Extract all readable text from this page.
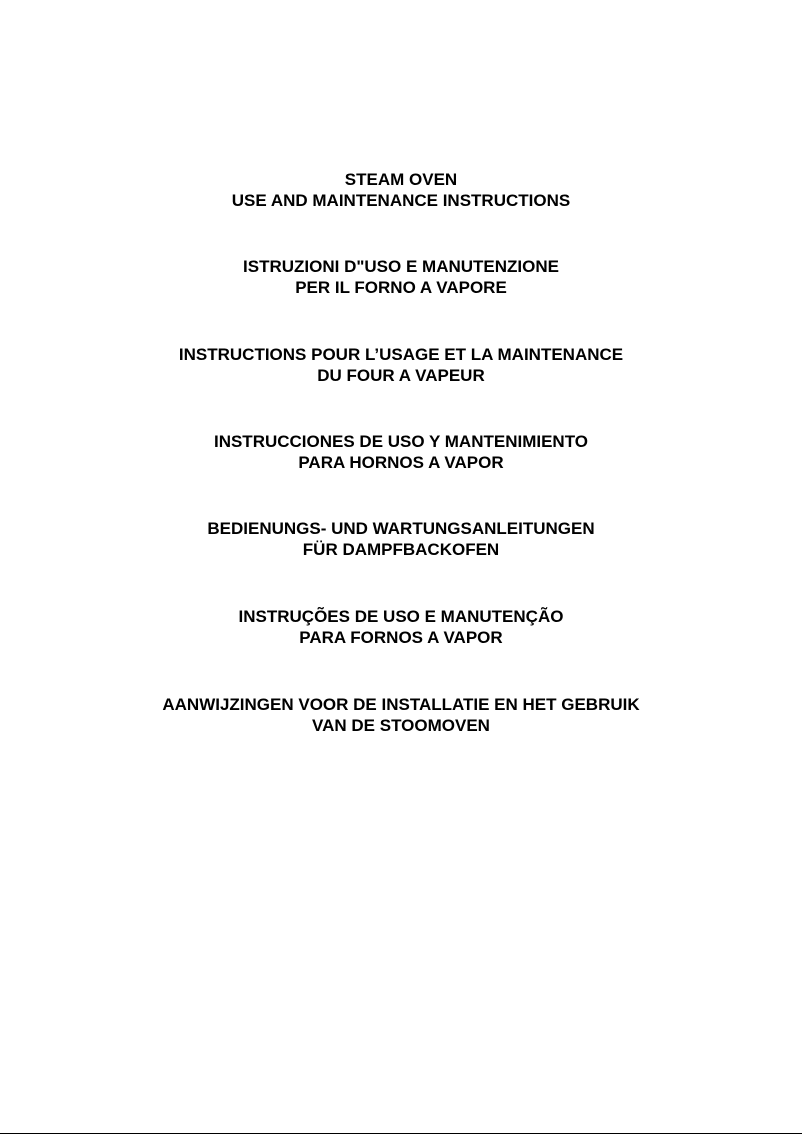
STEAM OVEN
USE AND MAINTENANCE INSTRUCTIONS
ISTRUZIONI D"USO E MANUTENZIONE
PER IL FORNO A VAPORE
INSTRUCTIONS POUR L’USAGE ET LA MAINTENANCE
DU FOUR A VAPEUR
INSTRUCCIONES DE USO Y MANTENIMIENTO
PARA HORNOS A VAPOR
BEDIENUNGS- UND WARTUNGSANLEITUNGEN
FÜR DAMPFBACKOFEN
INSTRUÇÕES DE USO E MANUTENÇÃO
PARA FORNOS A VAPOR
AANWIJZINGEN VOOR DE INSTALLATIE EN HET GEBRUIK
VAN DE STOOMOVEN
